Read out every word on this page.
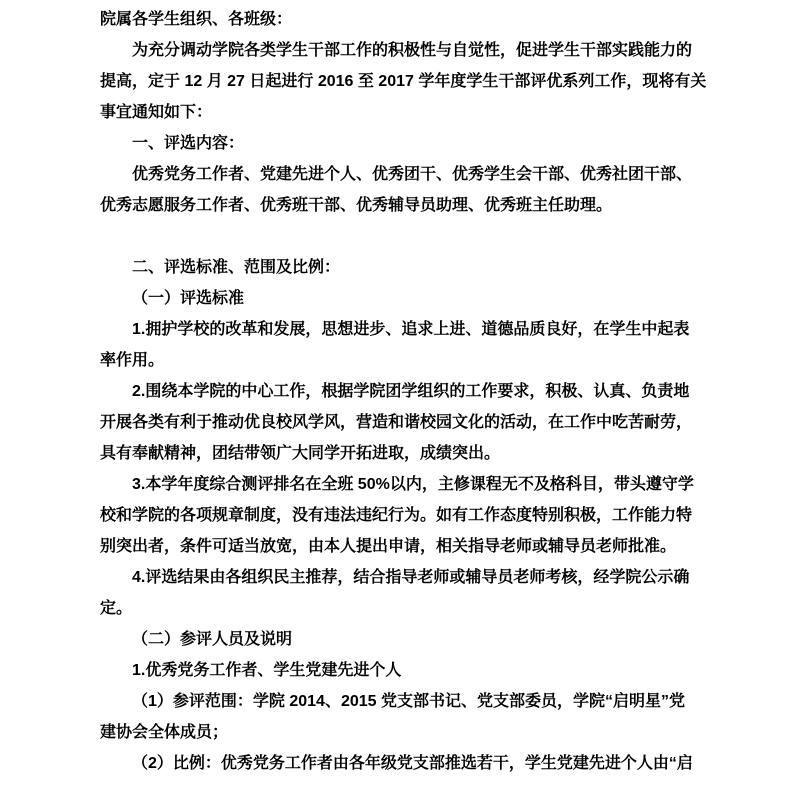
院属各学生组织、各班级：

为充分调动学院各类学生干部工作的积极性与自觉性，促进学生干部实践能力的

提高，定于 12 月 27 日起进行 2016 至 2017 学年度学生干部评优系列工作，现将有关

事宜通知如下：

一、评选内容：

优秀党务工作者、党建先进个人、优秀团干、优秀学生会干部、优秀社团干部、

优秀志愿服务工作者、优秀班干部、优秀辅导员助理、优秀班主任助理。

二、评选标准、范围及比例：

（一）评选标准

1.拥护学校的改革和发展，思想进步、追求上进、道德品质良好，在学生中起表

率作用。

2.围绕本学院的中心工作，根据学院团学组织的工作要求，积极、认真、负责地

开展各类有利于推动优良校风学风，营造和谐校园文化的活动，在工作中吃苦耐劳，

具有奉献精神，团结带领广大同学开拓进取，成绩突出。

3.本学年度综合测评排名在全班 50%以内，主修课程无不及格科目，带头遵守学

校和学院的各项规章制度，没有违法违纪行为。如有工作态度特别积极，工作能力特

别突出者，条件可适当放宽，由本人提出申请，相关指导老师或辅导员老师批准。

4.评选结果由各组织民主推荐，结合指导老师或辅导员老师考核，经学院公示确

定。

（二）参评人员及说明

1.优秀党务工作者、学生党建先进个人

（1）参评范围：学院 2014、2015 党支部书记、党支部委员，学院“启明星”党

建协会全体成员；

（2）比例：优秀党务工作者由各年级党支部推选若干，学生党建先进个人由“启
